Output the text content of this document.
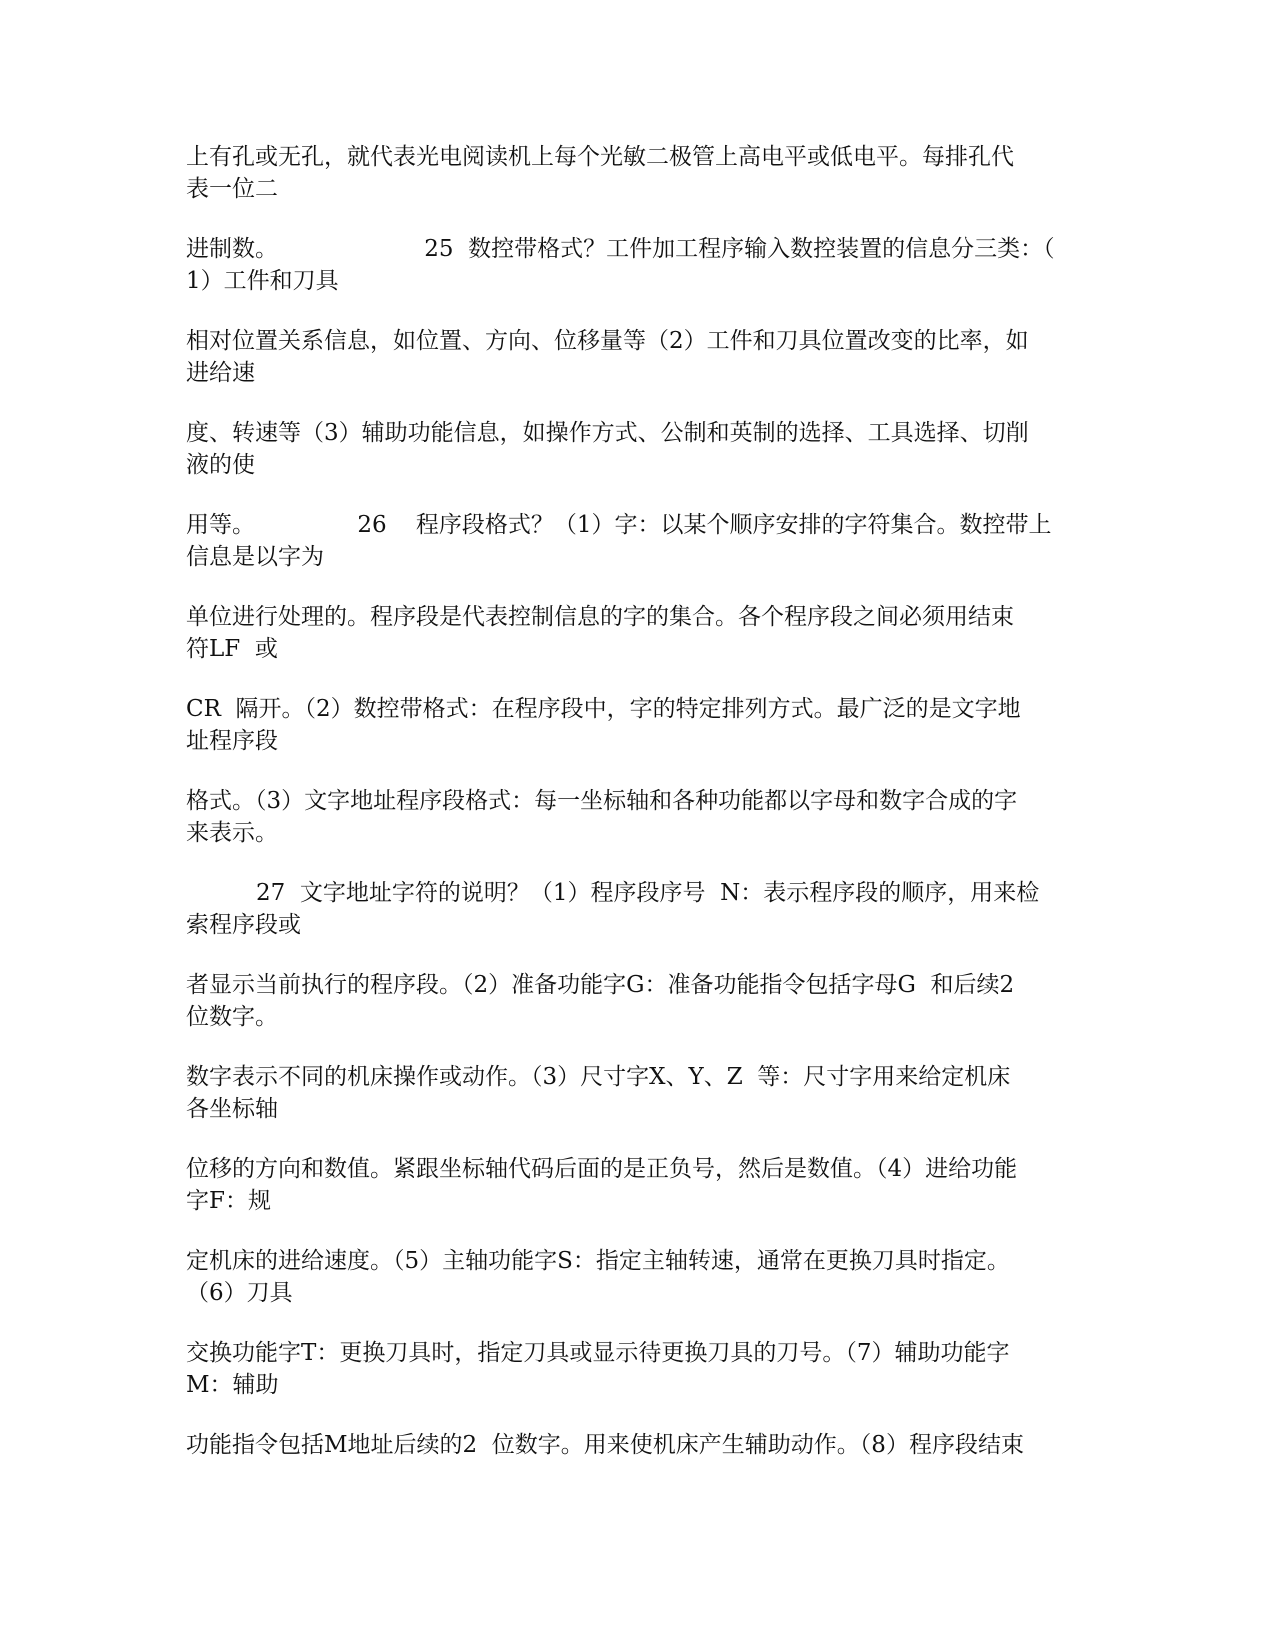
上有孔或无孔，就代表光电阅读机上每个光敏二极管上高电平或低电平。每排孔代
表一位二

进制数。                    25  数控带格式？工件加工程序输入数控装置的信息分三类：（
1）工件和刀具

相对位置关系信息，如位置、方向、位移量等（2）工件和刀具位置改变的比率，如
进给速

度、转速等（3）辅助功能信息，如操作方式、公制和英制的选择、工具选择、切削
液的使

用等。              26    程序段格式？（1）字：以某个顺序安排的字符集合。数控带上
信息是以字为

单位进行处理的。程序段是代表控制信息的字的集合。各个程序段之间必须用结束
符LF  或

CR  隔开。（2）数控带格式：在程序段中，字的特定排列方式。最广泛的是文字地
址程序段

格式。（3）文字地址程序段格式：每一坐标轴和各种功能都以字母和数字合成的字
来表示。

27  文字地址字符的说明？（1）程序段序号  N：表示程序段的顺序，用来检
索程序段或

者显示当前执行的程序段。（2）准备功能字G：准备功能指令包括字母G  和后续2
位数字。

数字表示不同的机床操作或动作。（3）尺寸字X、Y、Z  等：尺寸字用来给定机床
各坐标轴

位移的方向和数值。紧跟坐标轴代码后面的是正负号，然后是数值。（4）进给功能
字F：规

定机床的进给速度。（5）主轴功能字S：指定主轴转速，通常在更换刀具时指定。
（6）刀具

交换功能字T：更换刀具时，指定刀具或显示待更换刀具的刀号。（7）辅助功能字
M：辅助

功能指令包括M地址后续的2  位数字。用来使机床产生辅助动作。（8）程序段结束
